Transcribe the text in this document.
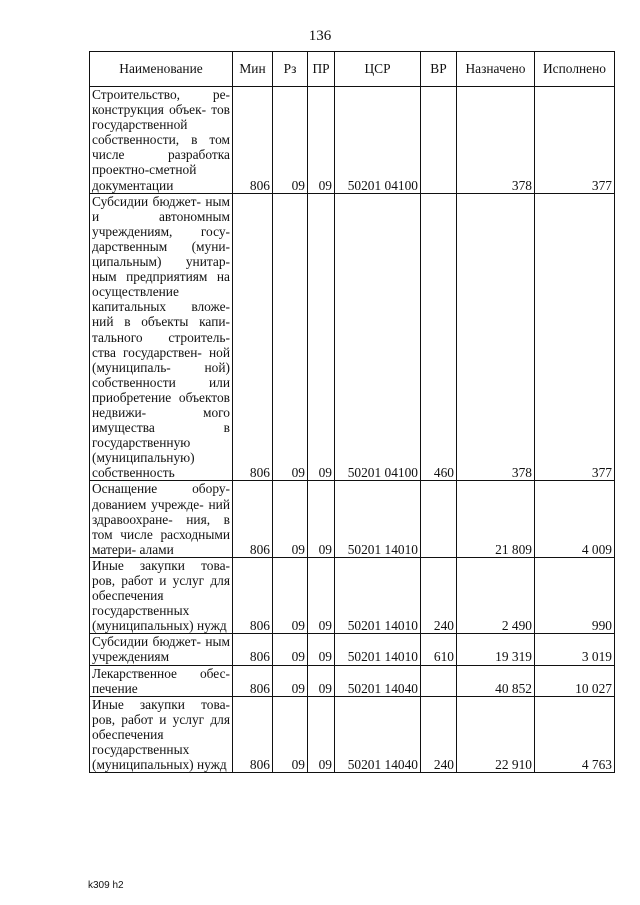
136
Наименование	Мин	Рз	ПР	ЦСР	ВР	Назначено	Исполнено
Строительство, ре- конструкция объек- тов государственной собственности, в том числе разработка проектно-сметной документации	806	09	09	50201 04100		378	377
Субсидии бюджет- ным и автономным учреждениям, госу- дарственным (муни- ципальным) унитар- ным предприятиям на осуществление капитальных вложе- ний в объекты капи- тального строитель- ства государствен- ной (муниципаль- ной) собственности или приобретение объектов недвижи- мого имущества в государственную (муниципальную) собственность	806	09	09	50201 04100	460	378	377
Оснащение обору- дованием учрежде- ний здравоохране- ния, в том числе расходными матери- алами	806	09	09	50201 14010		21 809	4 009
Иные закупки това- ров, работ и услуг для обеспечения государственных (муниципальных) нужд	806	09	09	50201 14010	240	2 490	990
Субсидии бюджет- ным учреждениям	806	09	09	50201 14010	610	19 319	3 019
Лекарственное обес- печение	806	09	09	50201 14040		40 852	10 027
Иные закупки това- ров, работ и услуг для обеспечения государственных (муниципальных) нужд	806	09	09	50201 14040	240	22 910	4 763
k309 h2
